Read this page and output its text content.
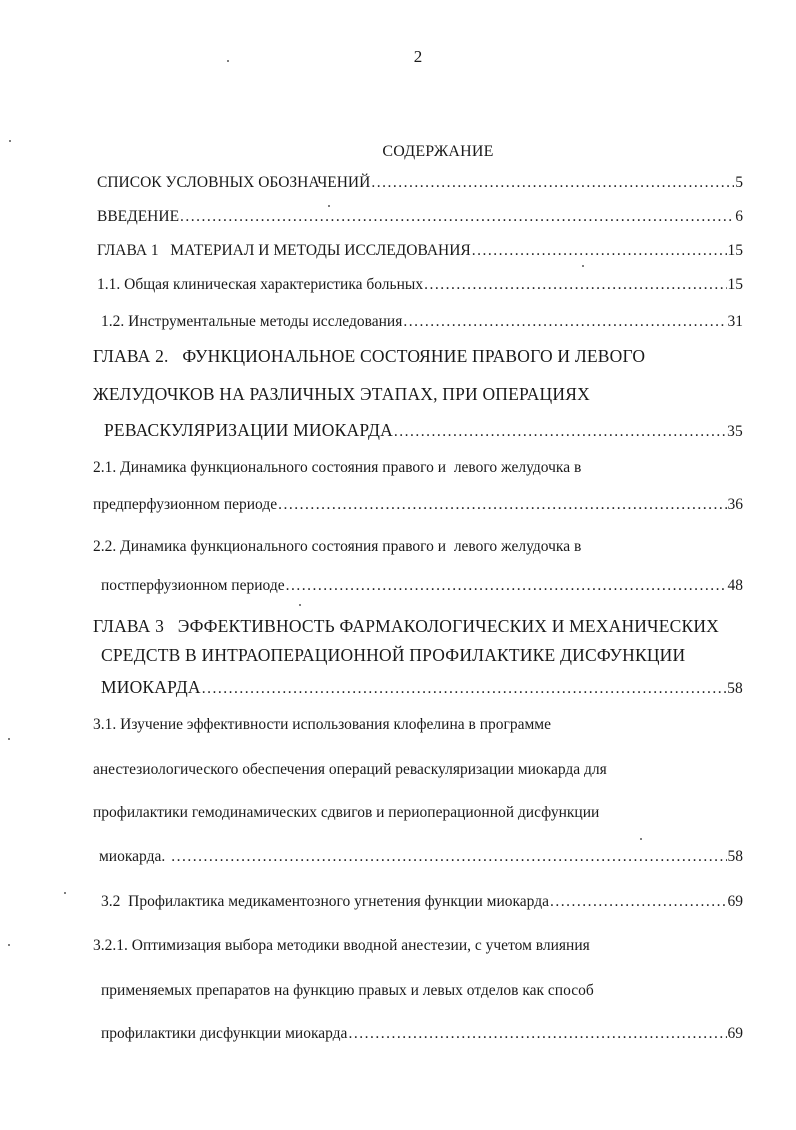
2
СОДЕРЖАНИЕ
СПИСОК УСЛОВНЫХ ОБОЗНАЧЕНИЙ .....	5
ВВЕДЕНИЕ .....	6
ГЛАВА 1   МАТЕРИАЛ И МЕТОДЫ ИССЛЕДОВАНИЯ .....	15
1.1. Общая клиническая характеристика больных .....	15
1.2. Инструментальные методы исследования .....	31
ГЛАВА 2.   ФУНКЦИОНАЛЬНОЕ СОСТОЯНИЕ ПРАВОГО И ЛЕВОГО
ЖЕЛУДОЧКОВ НА РАЗЛИЧНЫХ ЭТАПАХ, ПРИ ОПЕРАЦИЯХ
РЕВАСКУЛЯРИЗАЦИИ МИОКАРДА .....	35
2.1. Динамика функционального состояния правого и  левого желудочка в
предперфузионном периоде .....	36
2.2. Динамика функционального состояния правого и  левого желудочка в
постперфузионном периоде .....	48
ГЛАВА 3   ЭФФЕКТИВНОСТЬ ФАРМАКОЛОГИЧЕСКИХ И МЕХАНИЧЕСКИХ
СРЕДСТВ В ИНТРАОПЕРАЦИОННОЙ ПРОФИЛАКТИКЕ ДИСФУНКЦИИ
МИОКАРДА .....	58
3.1. Изучение эффективности использования клофелина в программе
анестезиологического обеспечения операций реваскуляризации миокарда для
профилактики гемодинамических сдвигов и периоперационной дисфункции
миокарда. .....	58
3.2  Профилактика медикаментозного угнетения функции миокарда .....	69
3.2.1. Оптимизация выбора методики вводной анестезии, с учетом влияния
применяемых препаратов на функцию правых и левых отделов как способ
профилактики дисфункции миокарда .....	69
